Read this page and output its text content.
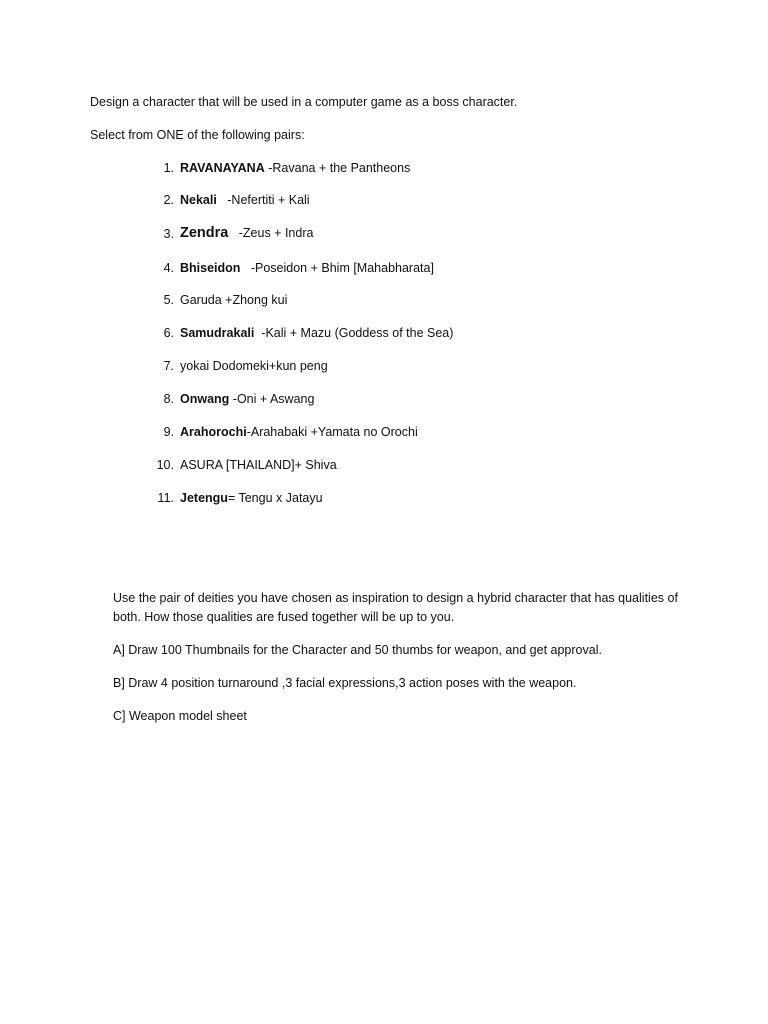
Design a character that will be used in a computer game as a boss character.
Select from ONE of the following pairs:
1. RAVANAYANA -Ravana + the Pantheons
2. Nekali   -Nefertiti + Kali
3. Zendra   -Zeus + Indra
4. Bhiseidon   -Poseidon + Bhim [Mahabharata]
5. Garuda +Zhong kui
6. Samudrakali  -Kali + Mazu (Goddess of the Sea)
7. yokai Dodomeki+kun peng
8. Onwang -Oni + Aswang
9. Arahorochi-Arahabaki +Yamata no Orochi
10. ASURA [THAILAND]+ Shiva
11. Jetengu= Tengu x Jatayu
Use the pair of deities you have chosen as inspiration to design a hybrid character that has qualities of both. How those qualities are fused together will be up to you.
A] Draw 100 Thumbnails for the Character and 50 thumbs for weapon, and get approval.
B] Draw 4 position turnaround ,3 facial expressions,3 action poses with the weapon.
C] Weapon model sheet
